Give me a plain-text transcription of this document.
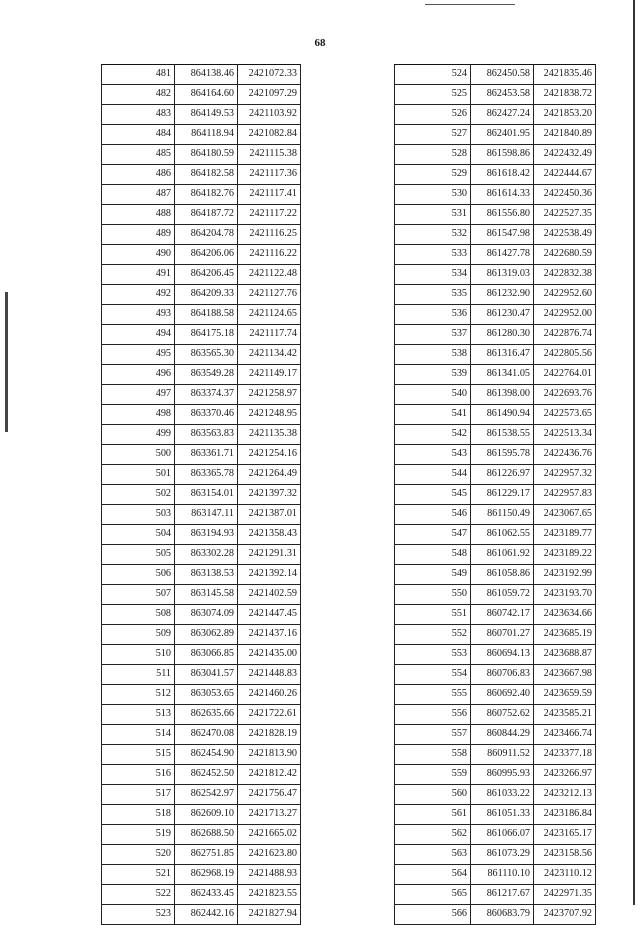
68
481	864138.46	2421072.33
482	864164.60	2421097.29
483	864149.53	2421103.92
484	864118.94	2421082.84
485	864180.59	2421115.38
486	864182.58	2421117.36
487	864182.76	2421117.41
488	864187.72	2421117.22
489	864204.78	2421116.25
490	864206.06	2421116.22
491	864206.45	2421122.48
492	864209.33	2421127.76
493	864188.58	2421124.65
494	864175.18	2421117.74
495	863565.30	2421134.42
496	863549.28	2421149.17
497	863374.37	2421258.97
498	863370.46	2421248.95
499	863563.83	2421135.38
500	863361.71	2421254.16
501	863365.78	2421264.49
502	863154.01	2421397.32
503	863147.11	2421387.01
504	863194.93	2421358.43
505	863302.28	2421291.31
506	863138.53	2421392.14
507	863145.58	2421402.59
508	863074.09	2421447.45
509	863062.89	2421437.16
510	863066.85	2421435.00
511	863041.57	2421448.83
512	863053.65	2421460.26
513	862635.66	2421722.61
514	862470.08	2421828.19
515	862454.90	2421813.90
516	862452.50	2421812.42
517	862542.97	2421756.47
518	862609.10	2421713.27
519	862688.50	2421665.02
520	862751.85	2421623.80
521	862968.19	2421488.93
522	862433.45	2421823.55
523	862442.16	2421827.94
524	862450.58	2421835.46
525	862453.58	2421838.72
526	862427.24	2421853.20
527	862401.95	2421840.89
528	861598.86	2422432.49
529	861618.42	2422444.67
530	861614.33	2422450.36
531	861556.80	2422527.35
532	861547.98	2422538.49
533	861427.78	2422680.59
534	861319.03	2422832.38
535	861232.90	2422952.60
536	861230.47	2422952.00
537	861280.30	2422876.74
538	861316.47	2422805.56
539	861341.05	2422764.01
540	861398.00	2422693.76
541	861490.94	2422573.65
542	861538.55	2422513.34
543	861595.78	2422436.76
544	861226.97	2422957.32
545	861229.17	2422957.83
546	861150.49	2423067.65
547	861062.55	2423189.77
548	861061.92	2423189.22
549	861058.86	2423192.99
550	861059.72	2423193.70
551	860742.17	2423634.66
552	860701.27	2423685.19
553	860694.13	2423688.87
554	860706.83	2423667.98
555	860692.40	2423659.59
556	860752.62	2423585.21
557	860844.29	2423466.74
558	860911.52	2423377.18
559	860995.93	2423266.97
560	861033.22	2423212.13
561	861051.33	2423186.84
562	861066.07	2423165.17
563	861073.29	2423158.56
564	861110.10	2423110.12
565	861217.67	2422971.35
566	860683.79	2423707.92
